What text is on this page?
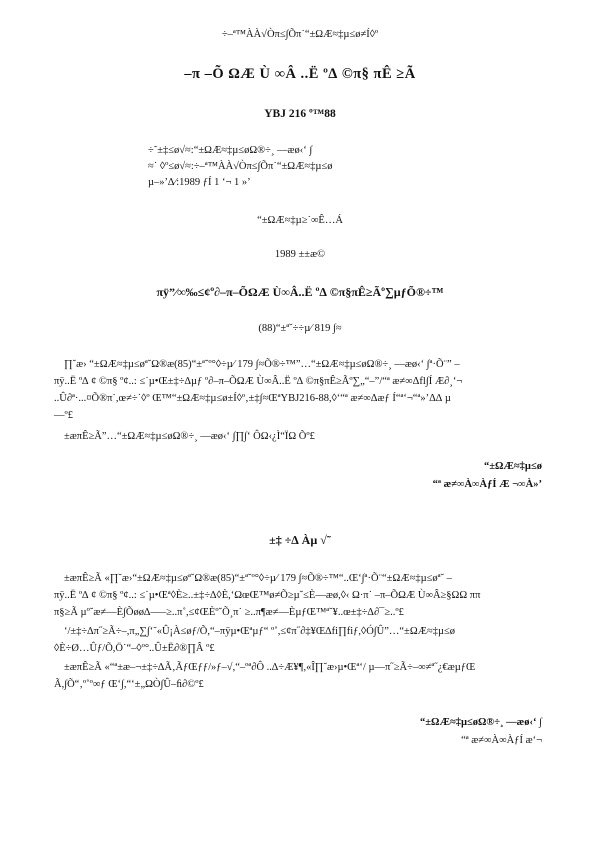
÷–ª™ÀÀ√Òπ≤∫Õπ˙“±ΩÆ≈‡µ≤ø≠Í◊º
–π –Õ ΩÆ Ù ∞Â ..Ë º∆ ©π§ πÊ ≥Ã
YBJ 216 º™88
÷˜±‡≤ø√≈:“±ΩÆ≈‡µ≤øΩ®÷¸ ––æø‹‘ ∫
≈˙ ◊º≤ø√≈:÷–ª™ÀÀ√Òπ≤∫Õπ˙“±ΩÆ≈‡µ≤ø
µ–»’∆⁄:1989 ƒÍ 1 ‘¬ 1 »’
“±ΩÆ≈‡µ≥˙∞Ê…Á
1989 ±±æ©
πÿ”⁄∞‰≤¢º∂–π–ÕΩÆ Ù∞Â..Ë º∆ ©π§πÊ≥Ãº∑µƒÕ®÷™
(88)“±ª˘÷÷µ⁄ 819 ∫≈
∏˘æ› “±ΩÆ≈‡µ≤øª˘Ω®æ(85)“±ª˘º°◊÷µ⁄ 179 ∫≈Õ®÷™”…“±ΩÆ≈‡µ≤øΩ®÷¸ ––æø‹‘ ∫ª·Õ¨” –
πÿ..Ë º∆ ¢ ©π§ º¢..: ≤˙µ•Œ±‡÷∆µƒ º∂–π–ÕΩÆ Ù∞Â..Ë º∆ ©π§πÊ≥Ãº∑„“–”/“ª æ≠∞Δfl∫Í Æ∂¸‘¬
..Û∂ª·...¤Õ®π˙,œ≠÷˙◊º Œ™“±ΩÆ≈‡µ≤ø±Í◊º‚±‡∫≈ŒªYBJ216-88,◊‘“ª æ≠∞Δæƒ Í“ª‘¬“ª»’Δ∆ µ
––º£
±æπÊ≥Ã”…“±ΩÆ≈‡µ≤øΩ®÷¸ ––æø‹‘ ∫∏∫‘ ÔΩ‹¿Ì“ÏΩ Õº£
“±ΩÆ≈‡µ≤ø
“ª æ≠∞À∞ÀƒÍ Æ ¬∞À»’
±‡ ÷∆ Àµ √˜
±æπÊ≥Ã «∏˘æ›“±ΩÆ≈‡µ≤øª˘Ω®æ(85)“±ª˘º°◊÷µ⁄ 179 ∫≈Õ®÷™“..Œ‘∫ª·Õ¨“±ΩÆ≈‡µ≤øª˘ –
πÿ..Ë º∆ ¢ ©π§ º¢..: ≤˙µ•Œª◊È≥..±‡÷∆◊È,‘ΩœŒ™ø≠Õ≥µ˘≤È––æø,◊‹ Ω·π˙ –π–ÕΩÆ Ù∞Â≥§ΩΩ ππ
π§≥Ã µº˘æ≠—È∫Õøø∆—–≥..π˚,≤¢ŒÈº˘Õ¸π˙ ≥..π¶æ≠—ÈµƒŒ™ª˘¥..œ±‡÷∆∂¯≥..º£
‘/±‡÷∆π˝≥Ã÷–,π„∑∫‘˜«Û¡À≤øƒ/Õ,“–πÿµ•Œªµƒ“ º˚,≤¢π˝∂‡¥Œ∆fi∏fiƒ,◊Ó∫Û”…“±ΩÆ≈‡µ≤ø
◊È÷Ø…Ûƒ/Õ,Ö˙“–◊º°..Û±Ë∂®∏Â º£
±æπÊ≥Ã «“ª±æ–¬±‡÷∆Ã‚ÃƒŒƒƒ/»ƒ–√,“–ºª∂Ô ..∆÷Æ¥¶,«Î∏˘æ›µ•Œª‘/ µ––π˝≥Ã÷–∞≠ª˝¿€æµƒŒ
Ã,∫Õ“‚º˚º∞ƒ Œ‘∫,“‘±„ΩÒ∫Û–ﬁ∂©º£
“±ΩÆ≈‡µ≤øΩ®÷¸ ––æø‹‘ ∫
“ª æ≠∞À∞ÀƒÍ æ‘¬
